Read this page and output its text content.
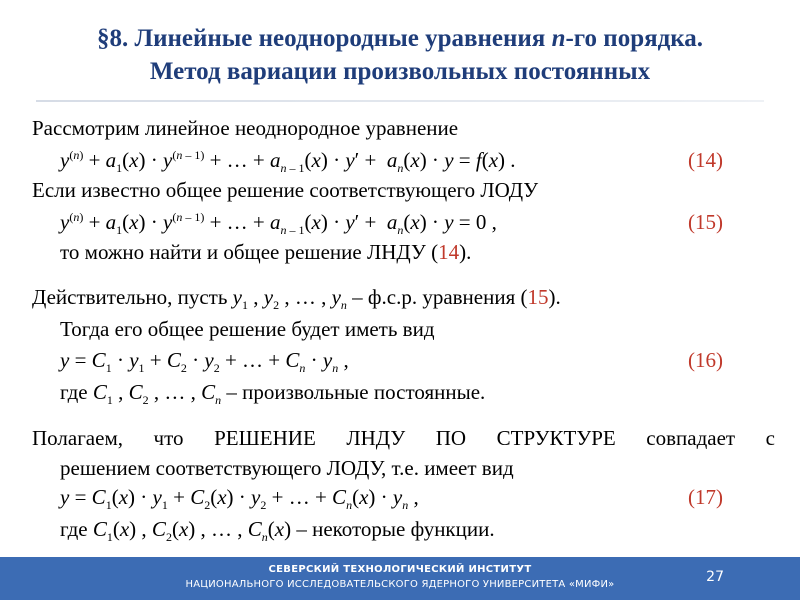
§8. Линейные неоднородные уравнения n-го порядка.
Метод вариации произвольных постоянных
Рассмотрим линейное неоднородное уравнение
$y^{(n)} + a_1(x) \cdot y^{(n - 1)}$ + … + $a_{n - 1}(x) \cdot y' + a_n(x) \cdot y = f(x)$ .	(14)
Если известно общее решение соответствующего ЛОДУ
$y^{(n)} + a_1(x) \cdot y^{(n - 1)}$ + … + $a_{n - 1}(x) \cdot y' + a_n(x) \cdot y = 0$ ,	(15)
то можно найти и общее решение ЛНДУ (14).
Действительно, пусть $y_1$ , $y_2$ , … , $y_n - ф.с.р$. уравнения (15).
Тогда его общее решение будет иметь вид
$y = C_1 \cdot y_1 + C_2 \cdot y_2$ + … + $C_n \cdot y_n$ ,	(16)
где $C_1$ , $C_2$ , … , $C_n$ – произвольные постоянные.
Полагаем, что РЕШЕНИЕ ЛНДУ ПО СТРУКТУРЕ совпадает с
решением соответствующего ЛОДУ, т.е. имеет вид
$y = C_1(x) \cdot y_1 + C_2(x) \cdot y_2$ + … + $C_n(x) \cdot y_n$ ,	(17)
где $C_1(x)$ , $C_2(x)$ , … , $C_n(x)$ – некоторые функции.
СЕВЕРСКИЙ ТЕХНОЛОГИЧЕСКИЙ ИНСТИТУТ
НАЦИОНАЛЬНОГО ИССЛЕДОВАТЕЛЬСКОГО ЯДЕРНОГО УНИВЕРСИТЕТА «МИФИ»	27
